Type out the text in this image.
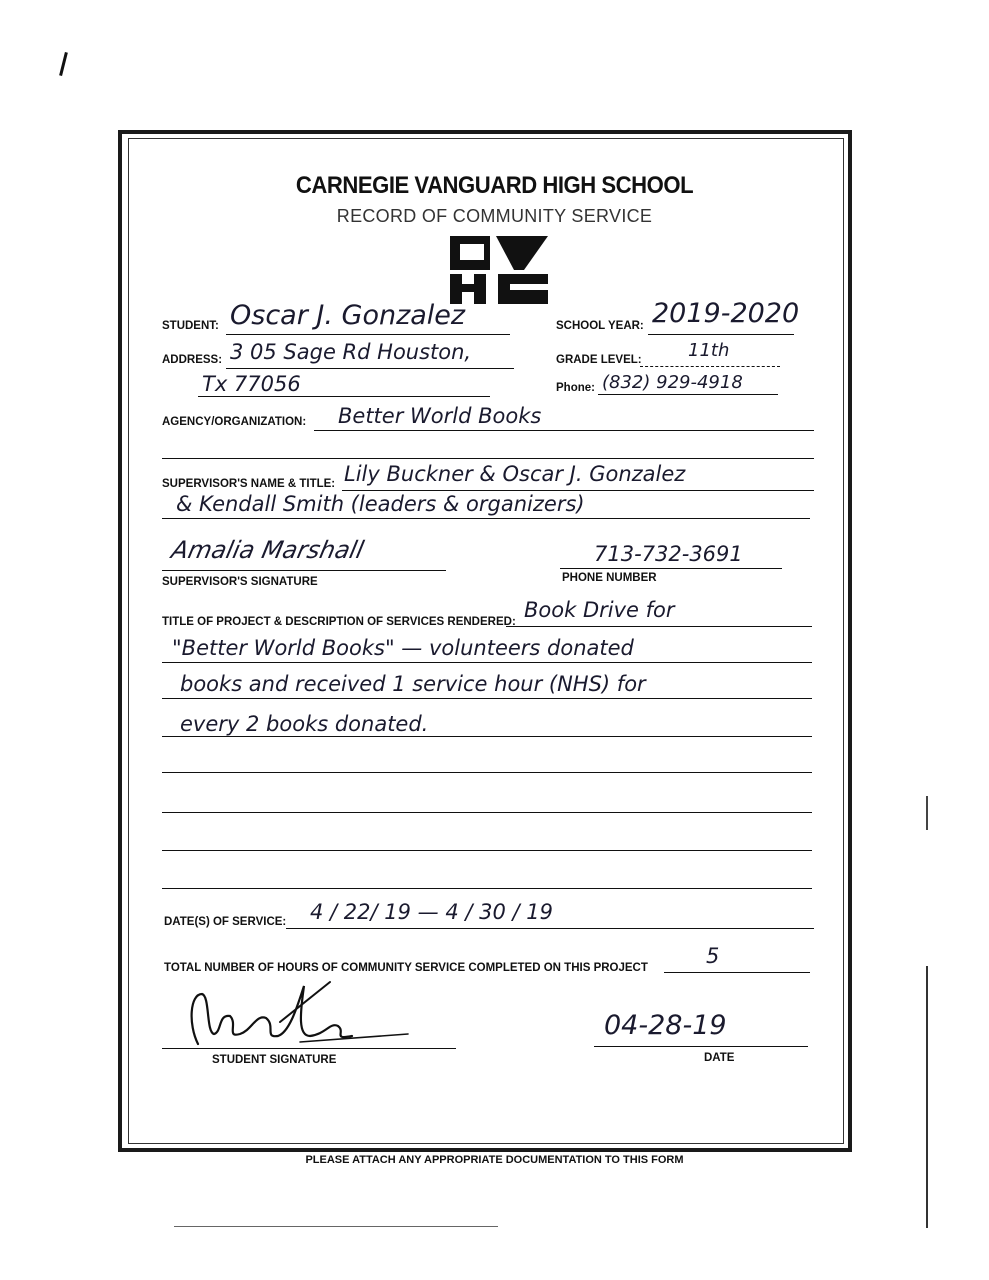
CARNEGIE VANGUARD HIGH SCHOOL
RECORD OF COMMUNITY SERVICE
STUDENT: Oscar J. Gonzalez	SCHOOL YEAR: 2019-2020
ADDRESS: 3 05 Sage Rd Houston,
Tx 77056
GRADE LEVEL:	11th
Phone: (832) 929-4918
AGENCY/ORGANIZATION: Better World Books
SUPERVISOR'S NAME & TITLE: Lily Buckner & Oscar J. Gonzalez
& Kendall Smith (leaders & organizers)
Amalia Marshall
SUPERVISOR'S SIGNATURE
713-732-3691
PHONE NUMBER
TITLE OF PROJECT & DESCRIPTION OF SERVICES RENDERED: Book Drive for
"Better World Books" — volunteers donated
books and received 1 service hour (NHS) for
every 2 books donated.
DATE(S) OF SERVICE: 4 / 22/ 19 — 4 / 30 / 19
TOTAL NUMBER OF HOURS OF COMMUNITY SERVICE COMPLETED ON THIS PROJECT	5
STUDENT SIGNATURE
04-28-19
DATE
PLEASE ATTACH ANY APPROPRIATE DOCUMENTATION TO THIS FORM
